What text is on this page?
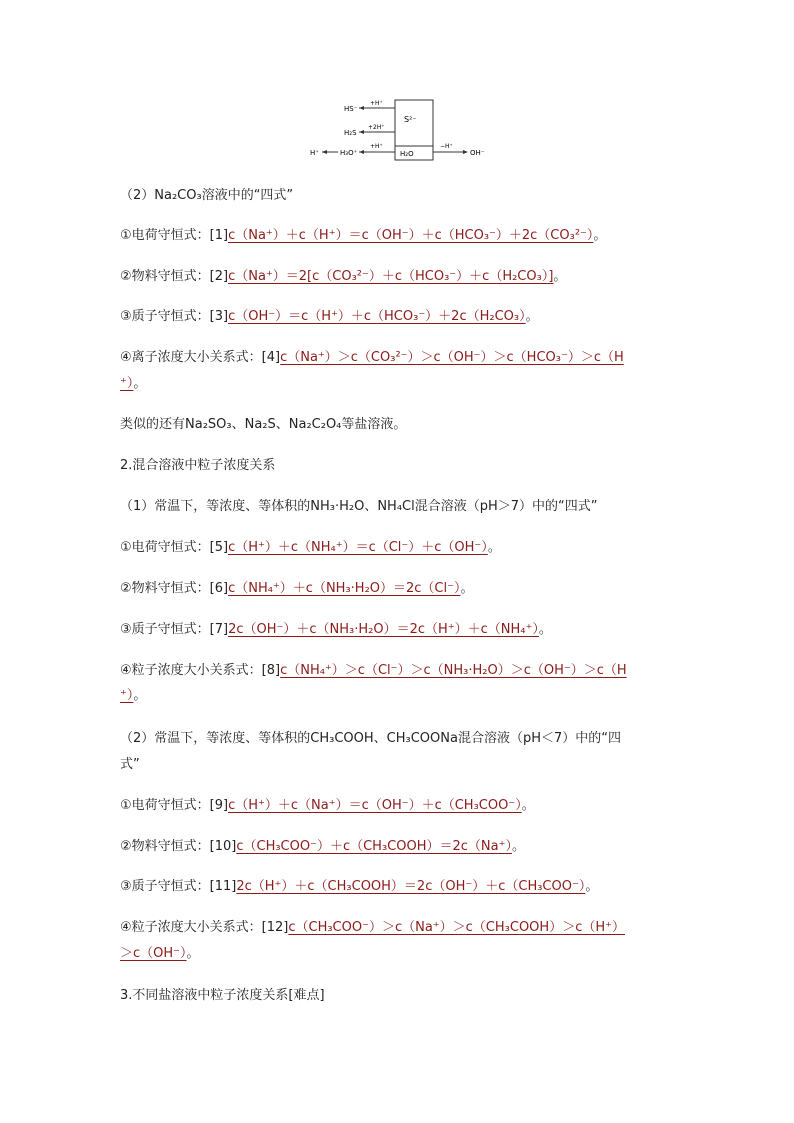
S²⁻
H₂O
HS⁻
+H⁺
H₂S
+2H⁺
H⁺	H₃O⁺
+H⁺	−H⁺
OH⁻
（2）Na₂CO₃溶液中的“四式”
①电荷守恒式：[1]c（Na⁺）＋c（H⁺）＝c（OH⁻）＋c（HCO₃⁻）＋2c（CO₃²⁻）。
②物料守恒式：[2]c（Na⁺）＝2[c（CO₃²⁻）＋c（HCO₃⁻）＋c（H₂CO₃）]。
③质子守恒式：[3]c（OH⁻）＝c（H⁺）＋c（HCO₃⁻）＋2c（H₂CO₃）。
④离子浓度大小关系式：[4]c（Na⁺）＞c（CO₃²⁻）＞c（OH⁻）＞c（HCO₃⁻）＞c（H
⁺）。
类似的还有Na₂SO₃、Na₂S、Na₂C₂O₄等盐溶液。
2.混合溶液中粒子浓度关系
（1）常温下，等浓度、等体积的NH₃·H₂O、NH₄Cl混合溶液（pH＞7）中的“四式”
①电荷守恒式：[5]c（H⁺）＋c（NH₄⁺）＝c（Cl⁻）＋c（OH⁻）。
②物料守恒式：[6]c（NH₄⁺）＋c（NH₃·H₂O）＝2c（Cl⁻）。
③质子守恒式：[7]2c（OH⁻）＋c（NH₃·H₂O）＝2c（H⁺）＋c（NH₄⁺）。
④粒子浓度大小关系式：[8]c（NH₄⁺）＞c（Cl⁻）＞c（NH₃·H₂O）＞c（OH⁻）＞c（H
⁺）。
（2）常温下，等浓度、等体积的CH₃COOH、CH₃COONa混合溶液（pH＜7）中的“四
式”
①电荷守恒式：[9]c（H⁺）＋c（Na⁺）＝c（OH⁻）＋c（CH₃COO⁻）。
②物料守恒式：[10]c（CH₃COO⁻）＋c（CH₃COOH）＝2c（Na⁺）。
③质子守恒式：[11]2c（H⁺）＋c（CH₃COOH）＝2c（OH⁻）＋c（CH₃COO⁻）。
④粒子浓度大小关系式：[12]c（CH₃COO⁻）＞c（Na⁺）＞c（CH₃COOH）＞c（H⁺）
＞c（OH⁻）。
3.不同盐溶液中粒子浓度关系[难点]
